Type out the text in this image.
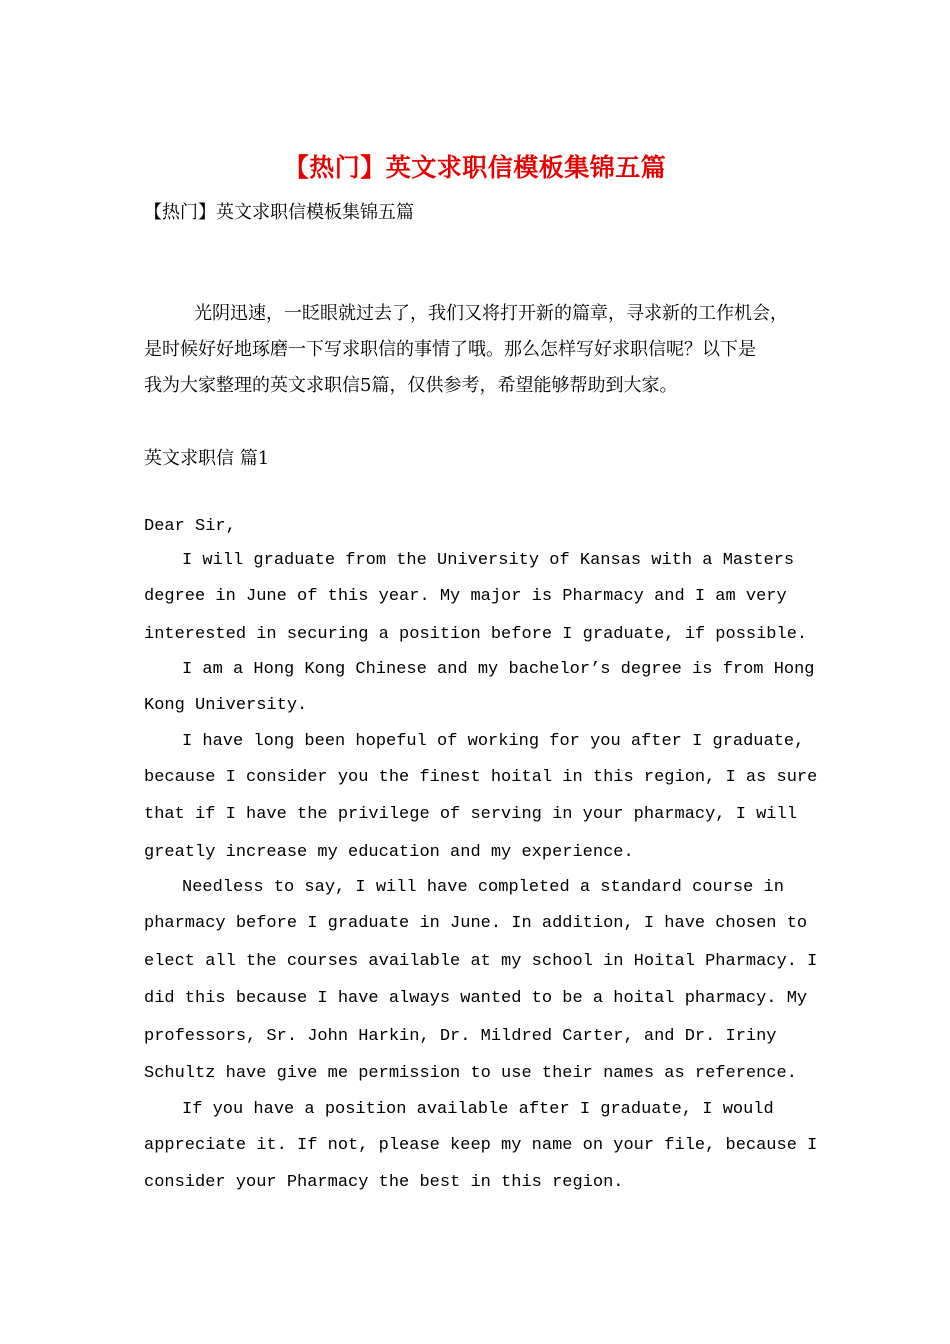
【热门】英文求职信模板集锦五篇
【热门】英文求职信模板集锦五篇
光阴迅速，一眨眼就过去了，我们又将打开新的篇章，寻求新的工作机会，
是时候好好地琢磨一下写求职信的事情了哦。那么怎样写好求职信呢？以下是
我为大家整理的英文求职信5篇，仅供参考，希望能够帮助到大家。
英文求职信 篇1
Dear Sir,
I will graduate from the University of Kansas with a Masters
degree in June of this year. My major is Pharmacy and I am very
interested in securing a position before I graduate, if possible.
I am a Hong Kong Chinese and my bachelor’s degree is from Hong
Kong University.
I have long been hopeful of working for you after I graduate,
because I consider you the finest hoital in this region, I as sure
that if I have the privilege of serving in your pharmacy, I will
greatly increase my education and my experience.
Needless to say, I will have completed a standard course in
pharmacy before I graduate in June. In addition, I have chosen to
elect all the courses available at my school in Hoital Pharmacy. I
did this because I have always wanted to be a hoital pharmacy. My
professors, Sr. John Harkin, Dr. Mildred Carter, and Dr. Iriny
Schultz have give me permission to use their names as reference.
If you have a position available after I graduate, I would
appreciate it. If not, please keep my name on your file, because I
consider your Pharmacy the best in this region.
